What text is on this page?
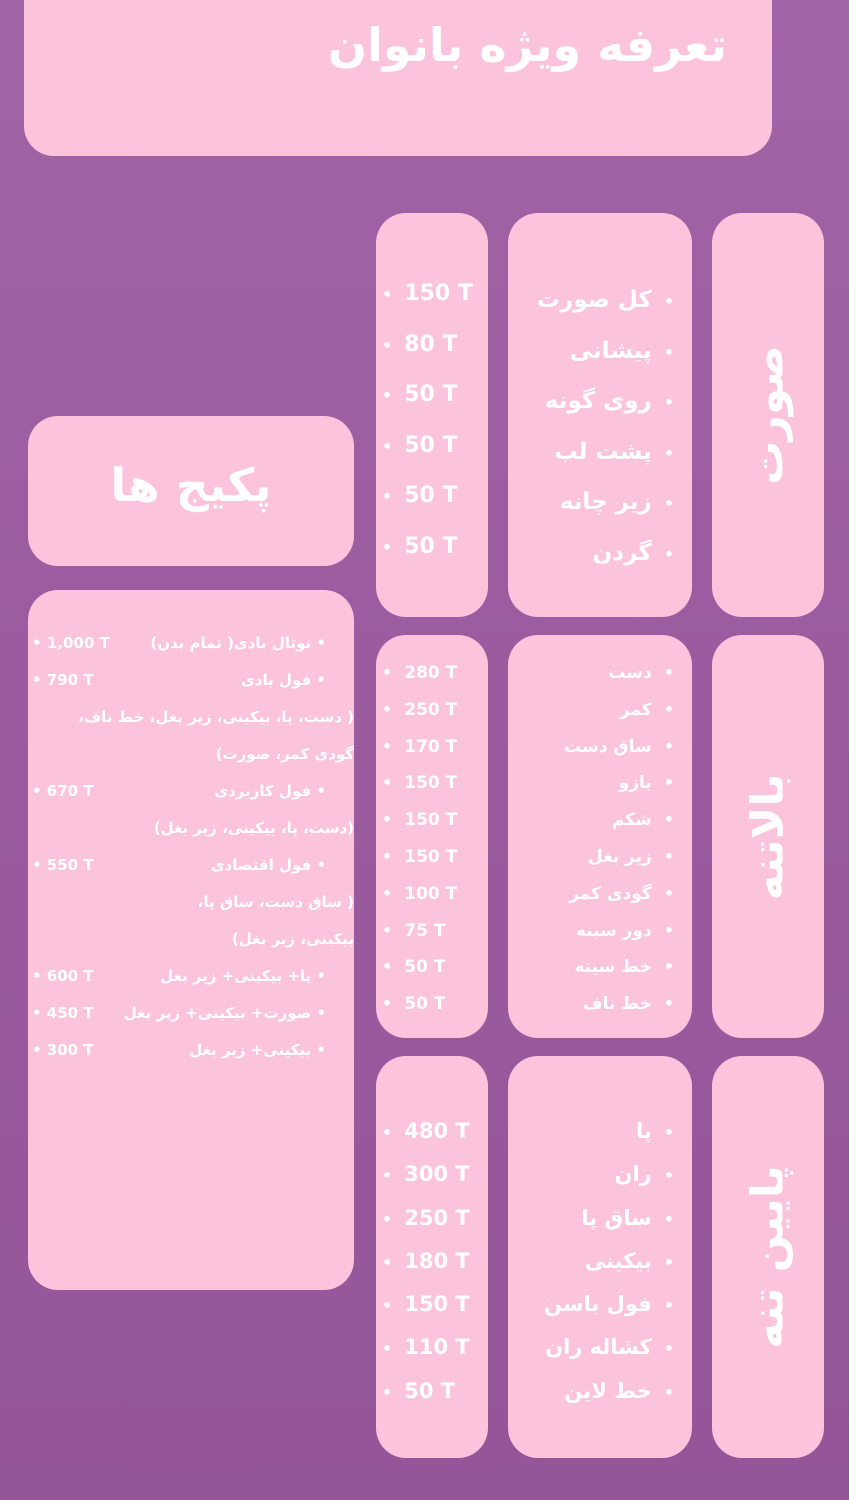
تعرفه ویژه بانوان
پکیج ها
• توتال بادی( تمام بدن)
• 1,000 T
• فول بادی
• 790 T
( دست، پا، بیکینی، زیر بغل، خط ناف،
گودی کمر، صورت)
• فول کاربردی
• 670 T
(دست، پا، بیکینی، زیر بغل)
• فول اقتصادی
• 550 T
( ساق دست، ساق پا،
بیکینی، زیر بغل)
• پا+ بیکینی+ زیر بغل
• 600 T
• صورت+ بیکینی+ زیر بغل
• 450 T
• بیکینی+ زیر بغل
• 300 T
صورت
• کل صورت
• پیشانی
• روی گونه
• پشت لب
• زیر چانه
• گردن
• 150 T
• 80 T
• 50 T
• 50 T
• 50 T
• 50 T
بالاتنه
• دست
• کمر
• ساق دست
• بازو
• شکم
• زیر بغل
• گودی کمر
• دور سینه
• خط سینه
• خط ناف
• 280 T
• 250 T
• 170 T
• 150 T
• 150 T
• 150 T
• 100 T
• 75 T
• 50 T
• 50 T
پایین تنه
• پا
• ران
• ساق پا
• بیکینی
• فول باسن
• کشاله ران
• خط لاین
• 480 T
• 300 T
• 250 T
• 180 T
• 150 T
• 110 T
• 50 T
